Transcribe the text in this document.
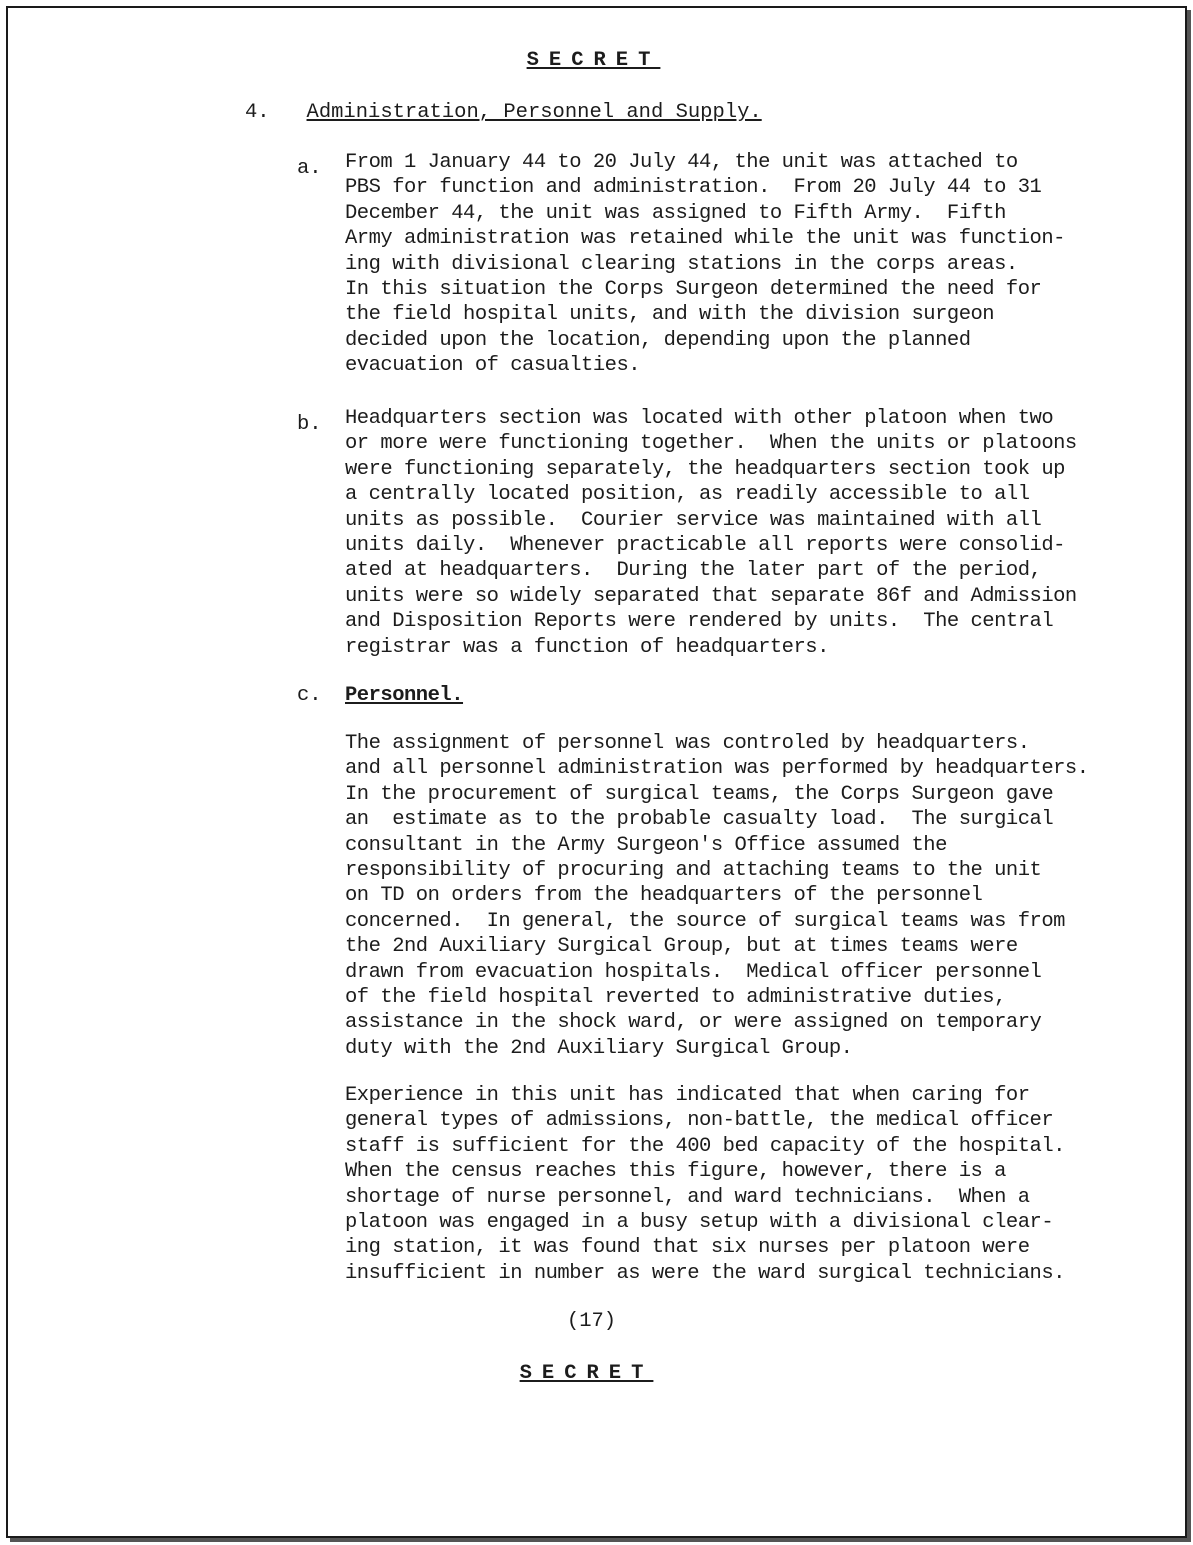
SECRET
4. Administration, Personnel and Supply.
a. From 1 January 44 to 20 July 44, the unit was attached to
PBS for function and administration.  From 20 July 44 to 31
December 44, the unit was assigned to Fifth Army.  Fifth
Army administration was retained while the unit was function-
ing with divisional clearing stations in the corps areas.
In this situation the Corps Surgeon determined the need for
the field hospital units, and with the division surgeon
decided upon the location, depending upon the planned
evacuation of casualties.
b. Headquarters section was located with other platoon when two
or more were functioning together.  When the units or platoons
were functioning separately, the headquarters section took up
a centrally located position, as readily accessible to all
units as possible.  Courier service was maintained with all
units daily.  Whenever practicable all reports were consolid-
ated at headquarters.  During the later part of the period,
units were so widely separated that separate 86f and Admission
and Disposition Reports were rendered by units.  The central
registrar was a function of headquarters.
c. Personnel.
The assignment of personnel was controled by headquarters.
and all personnel administration was performed by headquarters.
In the procurement of surgical teams, the Corps Surgeon gave
an  estimate as to the probable casualty load.  The surgical
consultant in the Army Surgeon's Office assumed the
responsibility of procuring and attaching teams to the unit
on TD on orders from the headquarters of the personnel
concerned.  In general, the source of surgical teams was from
the 2nd Auxiliary Surgical Group, but at times teams were
drawn from evacuation hospitals.  Medical officer personnel
of the field hospital reverted to administrative duties,
assistance in the shock ward, or were assigned on temporary
duty with the 2nd Auxiliary Surgical Group.
Experience in this unit has indicated that when caring for
general types of admissions, non-battle, the medical officer
staff is sufficient for the 400 bed capacity of the hospital.
When the census reaches this figure, however, there is a
shortage of nurse personnel, and ward technicians.  When a
platoon was engaged in a busy setup with a divisional clear-
ing station, it was found that six nurses per platoon were
insufficient in number as were the ward surgical technicians.
(17)
SECRET
